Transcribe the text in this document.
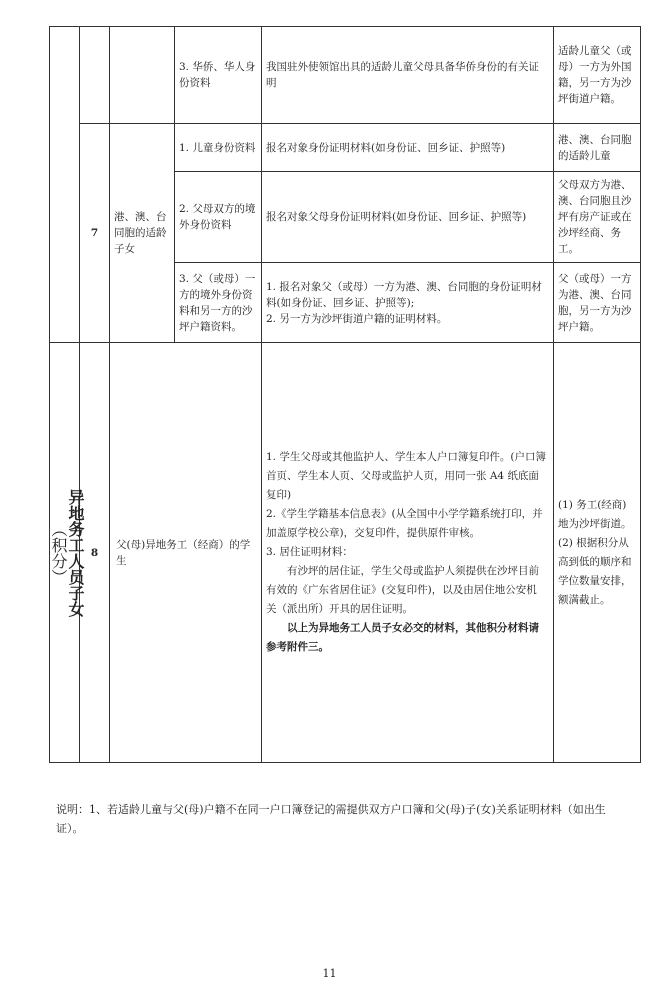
			3. 华侨、华人身份资料	我国驻外使领馆出具的适龄儿童父母具备华侨身份的有关证明	适龄儿童父（或母）一方为外国籍，另一方为沙坪街道户籍。
	7	港、澳、台同胞的适龄子女	1. 儿童身份资料	报名对象身份证明材料(如身份证、回乡证、护照等)	港、澳、台同胞的适龄儿童
			2. 父母双方的境外身份资料	报名对象父母身份证明材料(如身份证、回乡证、护照等)	父母双方为港、澳、台同胞且沙坪有房产证或在沙坪经商、务工。
			3. 父（或母）一方的境外身份资料和另一方的沙坪户籍资料。	1. 报名对象父（或母）一方为港、澳、台同胞的身份证明材料(如身份证、回乡证、护照等);
2. 另一方为沙坪街道户籍的证明材料。	父（或母）一方为港、澳、台同胞，另一方为沙坪户籍。

异地务工人员子女
（积分）	8	父(母)异地务工（经商）的学生		1. 学生父母或其他监护人、学生本人户口簿复印件。(户口簿首页、学生本人页、父母或监护人页，用同一张 A4 纸底面复印)
2.《学生学籍基本信息表》(从全国中小学学籍系统打印，并加盖原学校公章)，交复印件，提供原件审核。
3. 居住证明材料：
有沙坪的居住证，学生父母或监护人须提供在沙坪目前有效的《广东省居住证》(交复印件)，以及由居住地公安机关（派出所）开具的居住证明。
以上为异地务工人员子女必交的材料，其他积分材料请参考附件三。	(1) 务工(经商)地为沙坪街道。
(2) 根据积分从高到低的顺序和学位数量安排，额满截止。
说明：1、若适龄儿童与父(母)户籍不在同一户口簿登记的需提供双方户口簿和父(母)子(女)关系证明材料（如出生证）。
11
